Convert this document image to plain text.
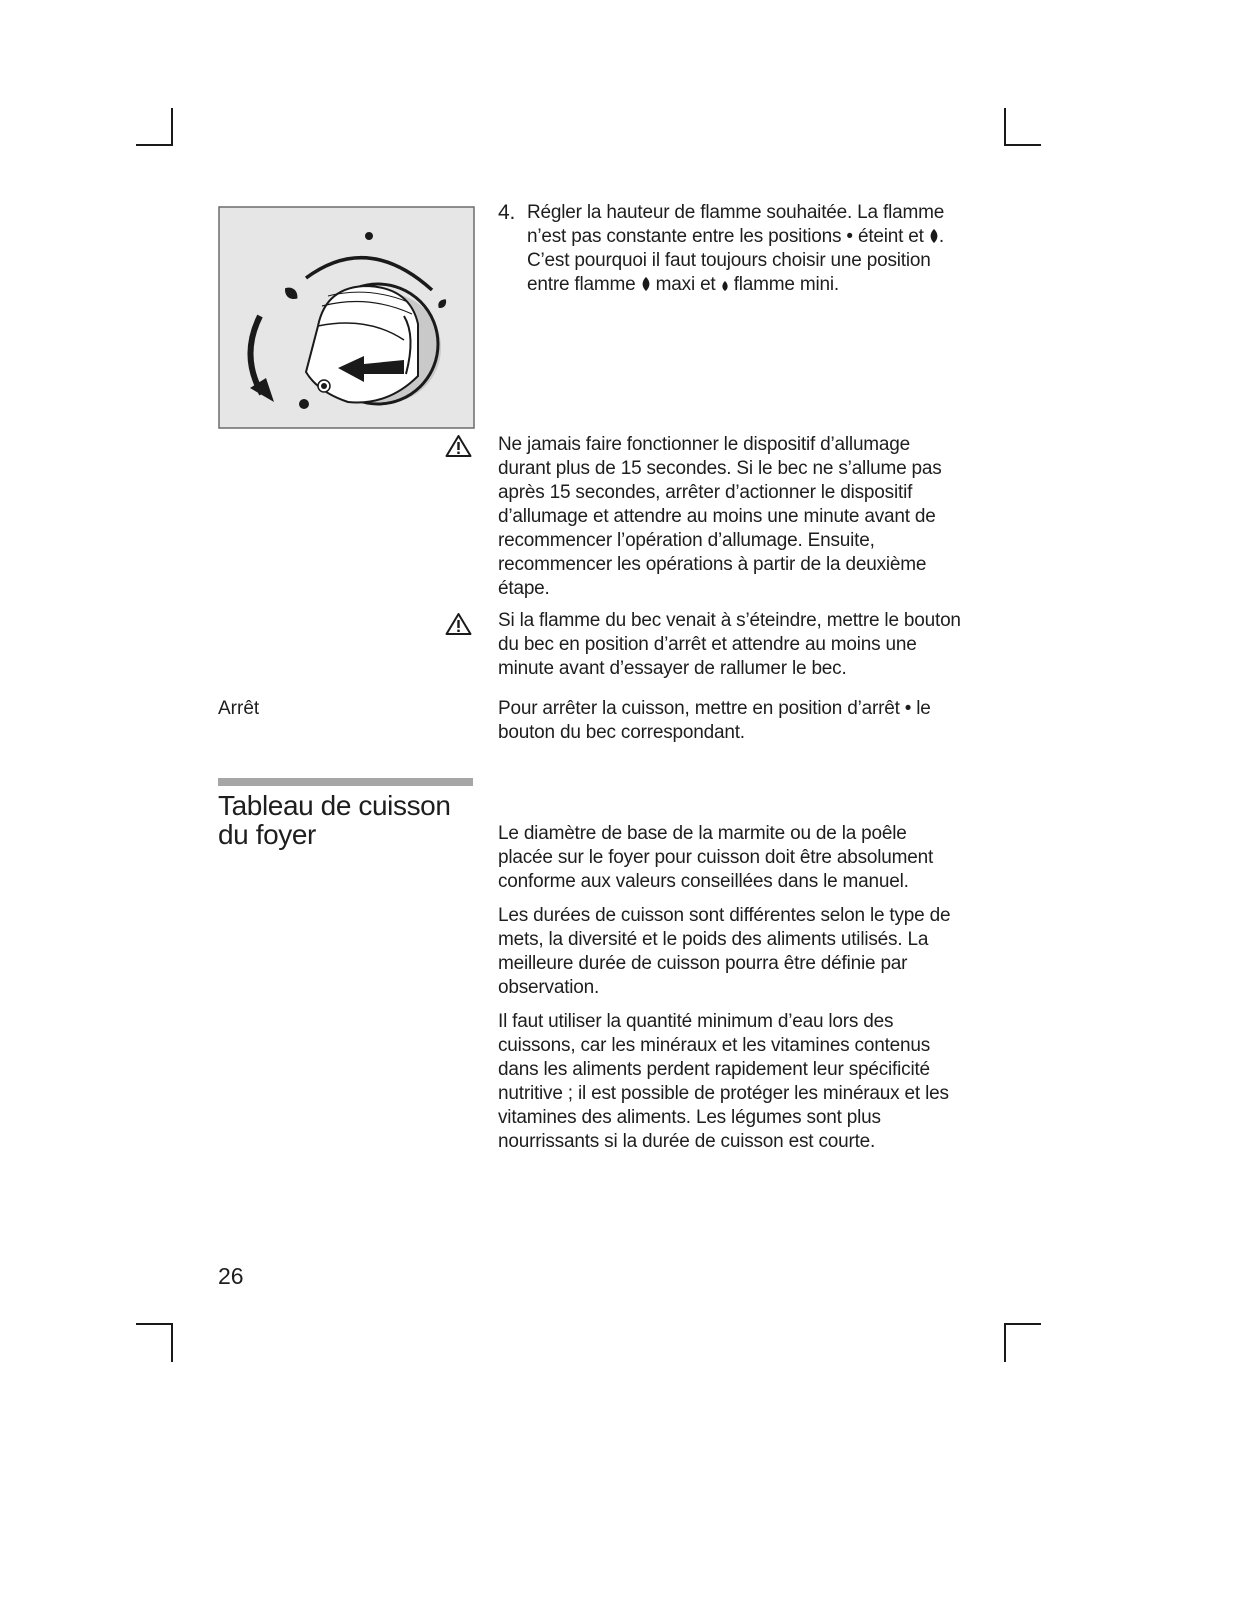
4. Régler la hauteur de flamme souhaitée. La flamme n’est pas constante entre les positions • éteint et . C’est pourquoi il faut toujours choisir une position entre flamme maxi et flamme mini.

Ne jamais faire fonctionner le dispositif d’allumage durant plus de 15 secondes. Si le bec ne s’allume pas après 15 secondes, arrêter d’actionner le dispositif d’allumage et attendre au moins une minute avant de recommencer l’opération d’allumage. Ensuite, recommencer les opérations à partir de la deuxième étape.

Si la flamme du bec venait à s’éteindre, mettre le bouton du bec en position d’arrêt et attendre au moins une minute avant d’essayer de rallumer le bec.

Arrêt	Pour arrêter la cuisson, mettre en position d’arrêt • le bouton du bec correspondant.

Tableau de cuisson du foyer	Le diamètre de base de la marmite ou de la poêle placée sur le foyer pour cuisson doit être absolument conforme aux valeurs conseillées dans le manuel.

Les durées de cuisson sont différentes selon le type de mets, la diversité et le poids des aliments utilisés. La meilleure durée de cuisson pourra être définie par observation.

Il faut utiliser la quantité minimum d’eau lors des cuissons, car les minéraux et les vitamines contenus dans les aliments perdent rapidement leur spécificité nutritive ; il est possible de protéger les minéraux et les vitamines des aliments. Les légumes sont plus nourrissants si la durée de cuisson est courte.

26
